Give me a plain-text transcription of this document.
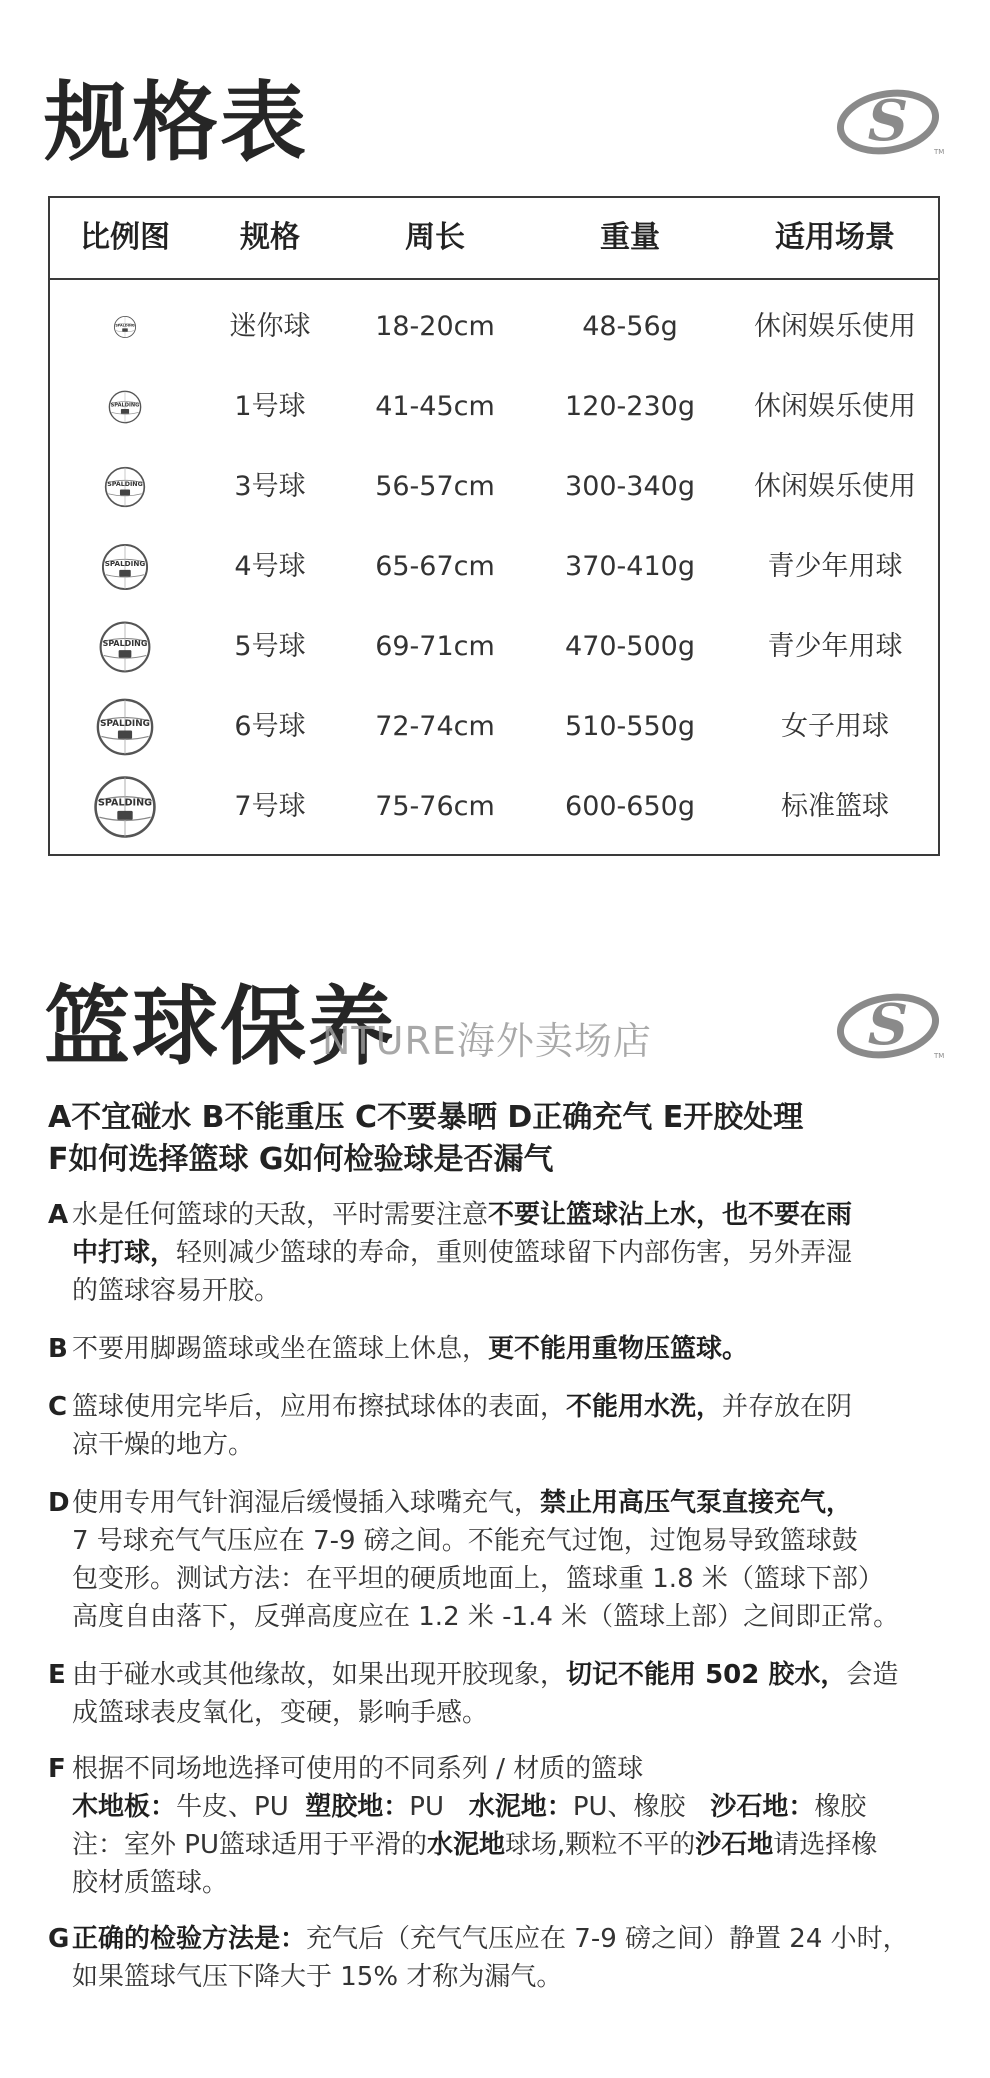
规格表	S	TM
比例图	规格	周长	重量	适用场景
SPALDING	迷你球	18-20cm	48-56g	休闲娱乐使用
SPALDING	1号球	41-45cm	120-230g	休闲娱乐使用
SPALDING	3号球	56-57cm	300-340g	休闲娱乐使用
SPALDING	4号球	65-67cm	370-410g	青少年用球
SPALDING	5号球	69-71cm	470-500g	青少年用球
SPALDING	6号球	72-74cm	510-550g	女子用球
SPALDING	7号球	75-76cm	600-650g	标准篮球
篮球保养
NTURE海外卖场店	S	TM
A不宜碰水 B不能重压 C不要暴晒 D正确充气 E开胶处理
F如何选择篮球 G如何检验球是否漏气
A 水是任何篮球的天敌，平时需要注意不要让篮球沾上水，也不要在雨
中打球，轻则减少篮球的寿命，重则使篮球留下内部伤害，另外弄湿
的篮球容易开胶。
B 不要用脚踢篮球或坐在篮球上休息，更不能用重物压篮球。
C 篮球使用完毕后，应用布擦拭球体的表面，不能用水洗，并存放在阴
凉干燥的地方。
D 使用专用气针润湿后缓慢插入球嘴充气，禁止用高压气泵直接充气，
7 号球充气气压应在 7-9 磅之间。不能充气过饱，过饱易导致篮球鼓
包变形。测试方法：在平坦的硬质地面上，篮球重 1.8 米（篮球下部）
高度自由落下，反弹高度应在 1.2 米 -1.4 米（篮球上部）之间即正常。
E 由于碰水或其他缘故，如果出现开胶现象，切记不能用 502 胶水，会造
成篮球表皮氧化，变硬，影响手感。
F 根据不同场地选择可使用的不同系列 / 材质的篮球
木地板：牛皮、PU 塑胶地：PU 水泥地：PU、橡胶 沙石地：橡胶
注：室外 PU篮球适用于平滑的水泥地球场,颗粒不平的沙石地请选择橡
胶材质篮球。
G 正确的检验方法是：充气后（充气气压应在 7-9 磅之间）静置 24 小时，
如果篮球气压下降大于 15% 才称为漏气。
